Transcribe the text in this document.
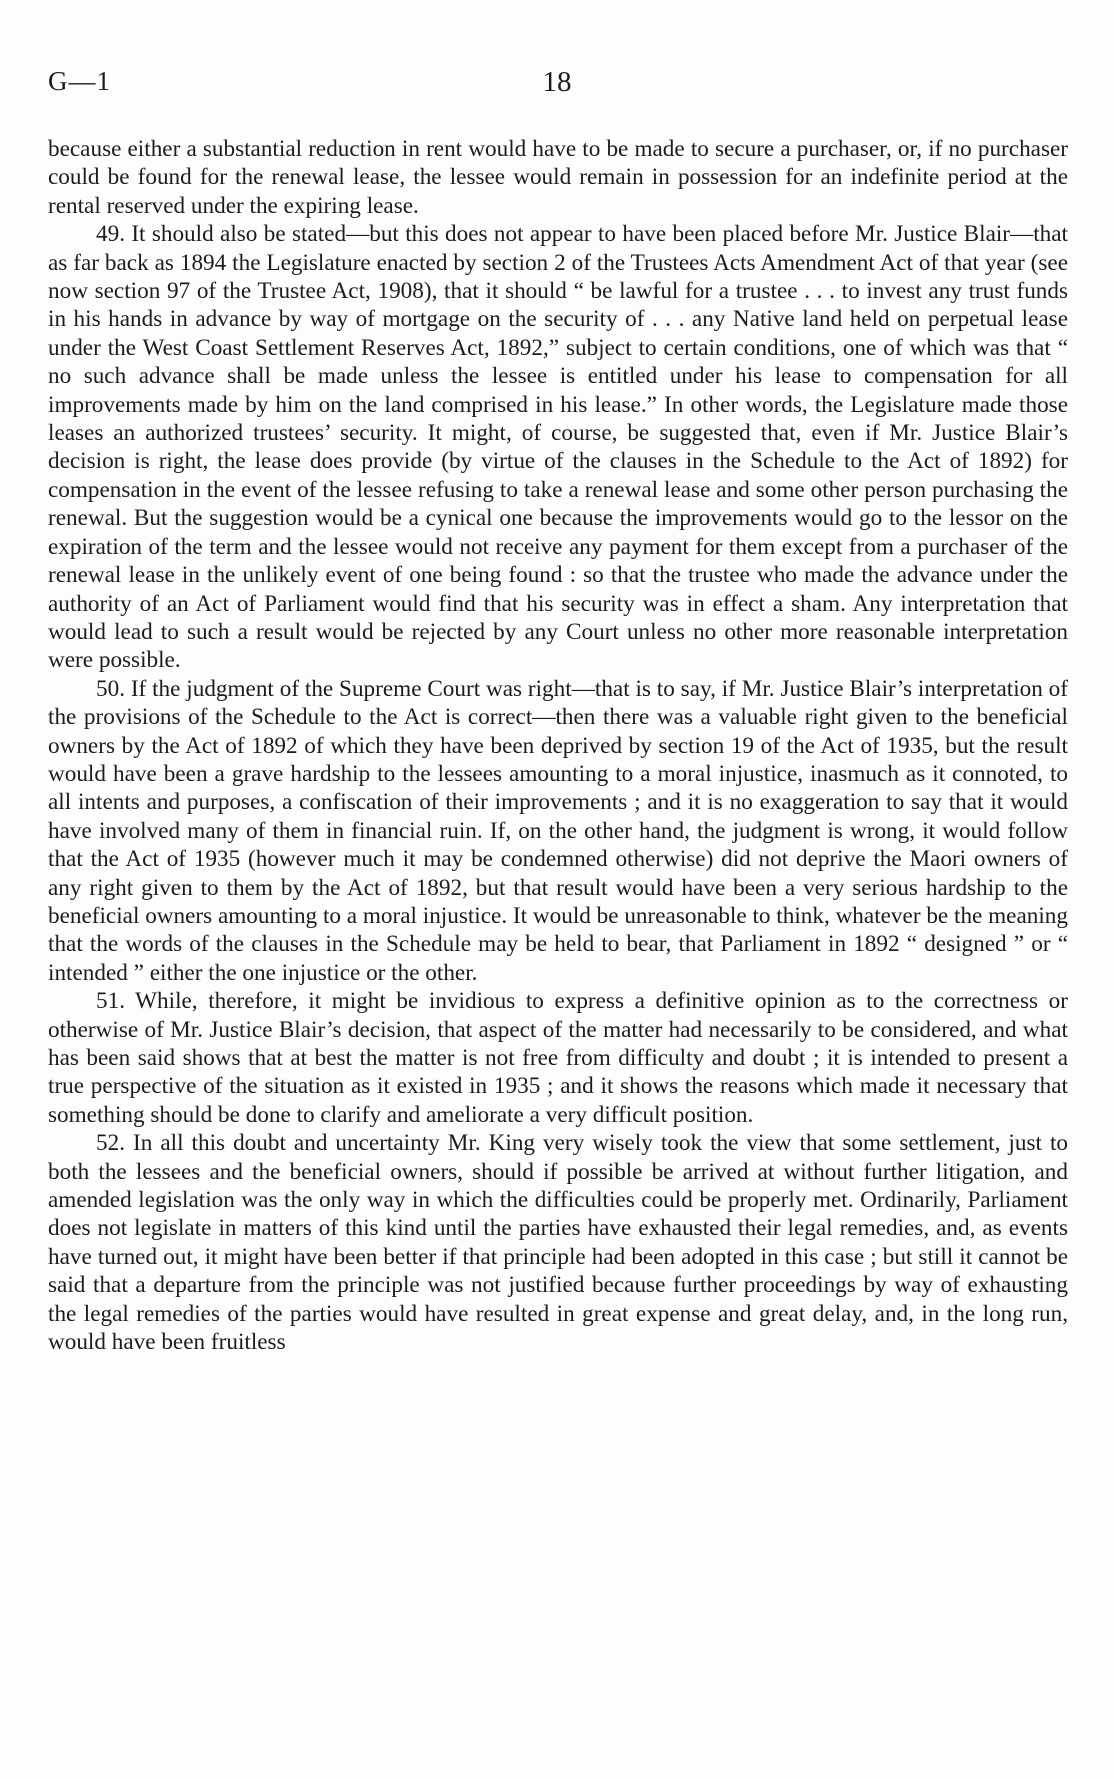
G—1	18

because either a substantial reduction in rent would have to be made to secure a purchaser, or, if no purchaser could be found for the renewal lease, the lessee would remain in possession for an indefinite period at the rental reserved under the expiring lease.

49. It should also be stated—but this does not appear to have been placed before Mr. Justice Blair—that as far back as 1894 the Legislature enacted by section 2 of the Trustees Acts Amendment Act of that year (see now section 97 of the Trustee Act, 1908), that it should “ be lawful for a trustee . . . to invest any trust funds in his hands in advance by way of mortgage on the security of . . . any Native land held on perpetual lease under the West Coast Settlement Reserves Act, 1892,” subject to certain conditions, one of which was that “ no such advance shall be made unless the lessee is entitled under his lease to compensation for all improvements made by him on the land comprised in his lease.” In other words, the Legislature made those leases an authorized trustees’ security. It might, of course, be suggested that, even if Mr. Justice Blair’s decision is right, the lease does provide (by virtue of the clauses in the Schedule to the Act of 1892) for compensation in the event of the lessee refusing to take a renewal lease and some other person purchasing the renewal. But the suggestion would be a cynical one because the improvements would go to the lessor on the expiration of the term and the lessee would not receive any payment for them except from a purchaser of the renewal lease in the unlikely event of one being found : so that the trustee who made the advance under the authority of an Act of Parliament would find that his security was in effect a sham. Any interpretation that would lead to such a result would be rejected by any Court unless no other more reasonable interpretation were possible.

50. If the judgment of the Supreme Court was right—that is to say, if Mr. Justice Blair’s interpretation of the provisions of the Schedule to the Act is correct—then there was a valuable right given to the beneficial owners by the Act of 1892 of which they have been deprived by section 19 of the Act of 1935, but the result would have been a grave hardship to the lessees amounting to a moral injustice, inasmuch as it connoted, to all intents and purposes, a confiscation of their improvements ; and it is no exaggeration to say that it would have involved many of them in financial ruin. If, on the other hand, the judgment is wrong, it would follow that the Act of 1935 (however much it may be condemned otherwise) did not deprive the Maori owners of any right given to them by the Act of 1892, but that result would have been a very serious hardship to the beneficial owners amounting to a moral injustice. It would be unreasonable to think, whatever be the meaning that the words of the clauses in the Schedule may be held to bear, that Parliament in 1892 “ designed ” or “ intended ” either the one injustice or the other.

51. While, therefore, it might be invidious to express a definitive opinion as to the correctness or otherwise of Mr. Justice Blair’s decision, that aspect of the matter had necessarily to be considered, and what has been said shows that at best the matter is not free from difficulty and doubt ; it is intended to present a true perspective of the situation as it existed in 1935 ; and it shows the reasons which made it necessary that something should be done to clarify and ameliorate a very difficult position.

52. In all this doubt and uncertainty Mr. King very wisely took the view that some settlement, just to both the lessees and the beneficial owners, should if possible be arrived at without further litigation, and amended legislation was the only way in which the difficulties could be properly met. Ordinarily, Parliament does not legislate in matters of this kind until the parties have exhausted their legal remedies, and, as events have turned out, it might have been better if that principle had been adopted in this case ; but still it cannot be said that a departure from the principle was not justified because further proceedings by way of exhausting the legal remedies of the parties would have resulted in great expense and great delay, and, in the long run, would have been fruitless
